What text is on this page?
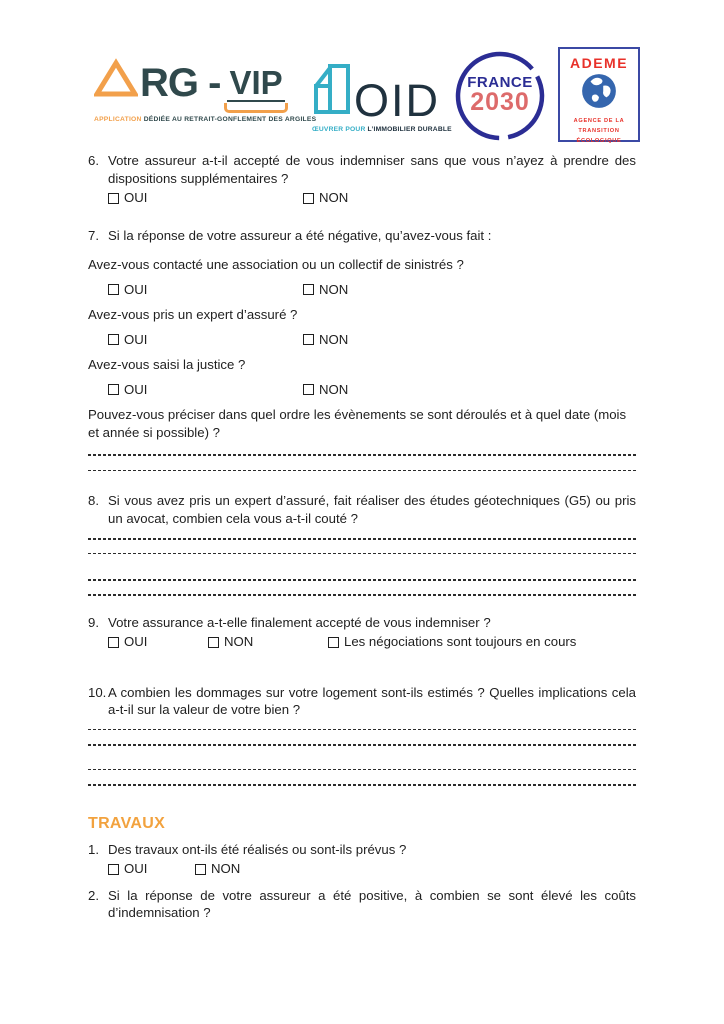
RG - VIP
APPLICATION DÉDIÉE AU RETRAIT-GONFLEMENT DES ARGILES OID
ŒUVRER POUR L’IMMOBILIER DURABLE
FRANCE
2030
ADEME
AGENCE DE LA
TRANSITION
ÉCOLOGIQUE
6. Votre assureur a-t-il accepté de vous indemniser sans que vous n’ayez à prendre des dispositions supplémentaires ?
OUI	NON
7. Si la réponse de votre assureur a été négative, qu’avez-vous fait :
Avez-vous contacté une association ou un collectif de sinistrés ?
OUI	NON
Avez-vous pris un expert d’assuré ?
OUI	NON
Avez-vous saisi la justice ?
OUI	NON
Pouvez-vous préciser dans quel ordre les évènements se sont déroulés et à quel date (mois et année si possible) ?
8. Si vous avez pris un expert d’assuré, fait réaliser des études géotechniques (G5) ou pris un avocat, combien cela vous a-t-il couté ?
9. Votre assurance a-t-elle finalement accepté de vous indemniser ?
OUI	NON	Les négociations sont toujours en cours
10. A combien les dommages sur votre logement sont-ils estimés ? Quelles implications cela a-t-il sur la valeur de votre bien ?
TRAVAUX
1. Des travaux ont-ils été réalisés ou sont-ils prévus ?
OUI	NON
2. Si la réponse de votre assureur a été positive, à combien se sont élevé les coûts d’indemnisation ?
